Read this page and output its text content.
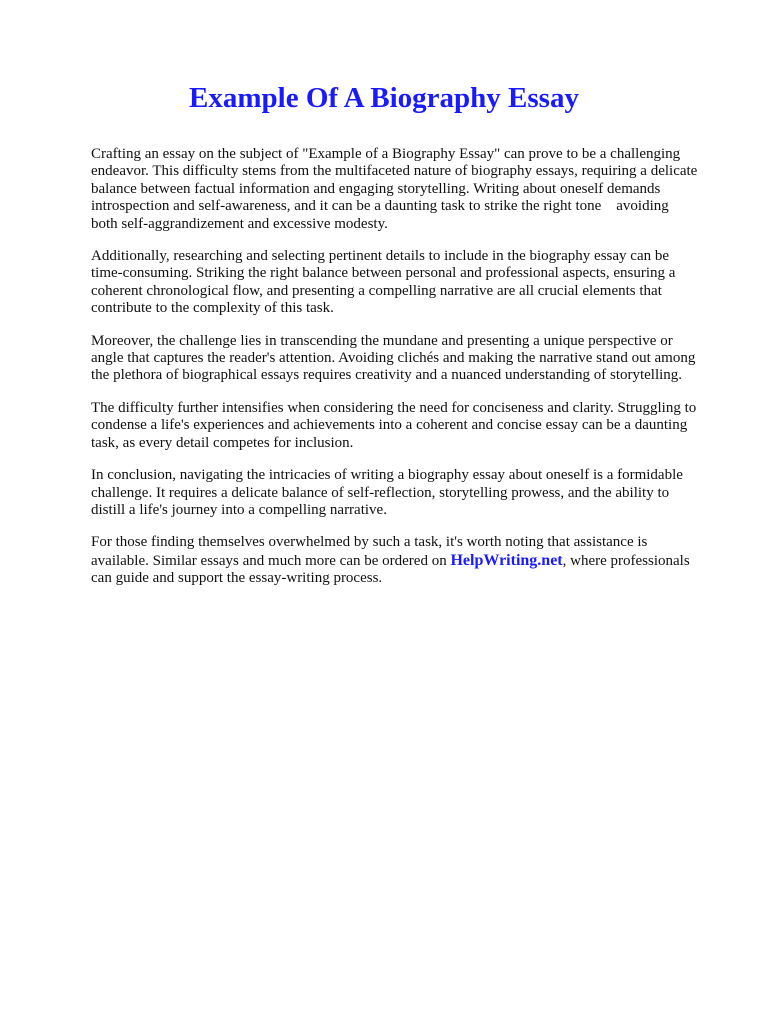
Example Of A Biography Essay

Crafting an essay on the subject of "Example of a Biography Essay" can prove to be a challenging
endeavor. This difficulty stems from the multifaceted nature of biography essays, requiring a delicate
balance between factual information and engaging storytelling. Writing about oneself demands
introspection and self-awareness, and it can be a daunting task to strike the right tone    avoiding
both self-aggrandizement and excessive modesty.

Additionally, researching and selecting pertinent details to include in the biography essay can be
time-consuming. Striking the right balance between personal and professional aspects, ensuring a
coherent chronological flow, and presenting a compelling narrative are all crucial elements that
contribute to the complexity of this task.

Moreover, the challenge lies in transcending the mundane and presenting a unique perspective or
angle that captures the reader's attention. Avoiding clichés and making the narrative stand out among
the plethora of biographical essays requires creativity and a nuanced understanding of storytelling.

The difficulty further intensifies when considering the need for conciseness and clarity. Struggling to
condense a life's experiences and achievements into a coherent and concise essay can be a daunting
task, as every detail competes for inclusion.

In conclusion, navigating the intricacies of writing a biography essay about oneself is a formidable
challenge. It requires a delicate balance of self-reflection, storytelling prowess, and the ability to
distill a life's journey into a compelling narrative.

For those finding themselves overwhelmed by such a task, it's worth noting that assistance is
available. Similar essays and much more can be ordered on HelpWriting.net, where professionals
can guide and support the essay-writing process.
